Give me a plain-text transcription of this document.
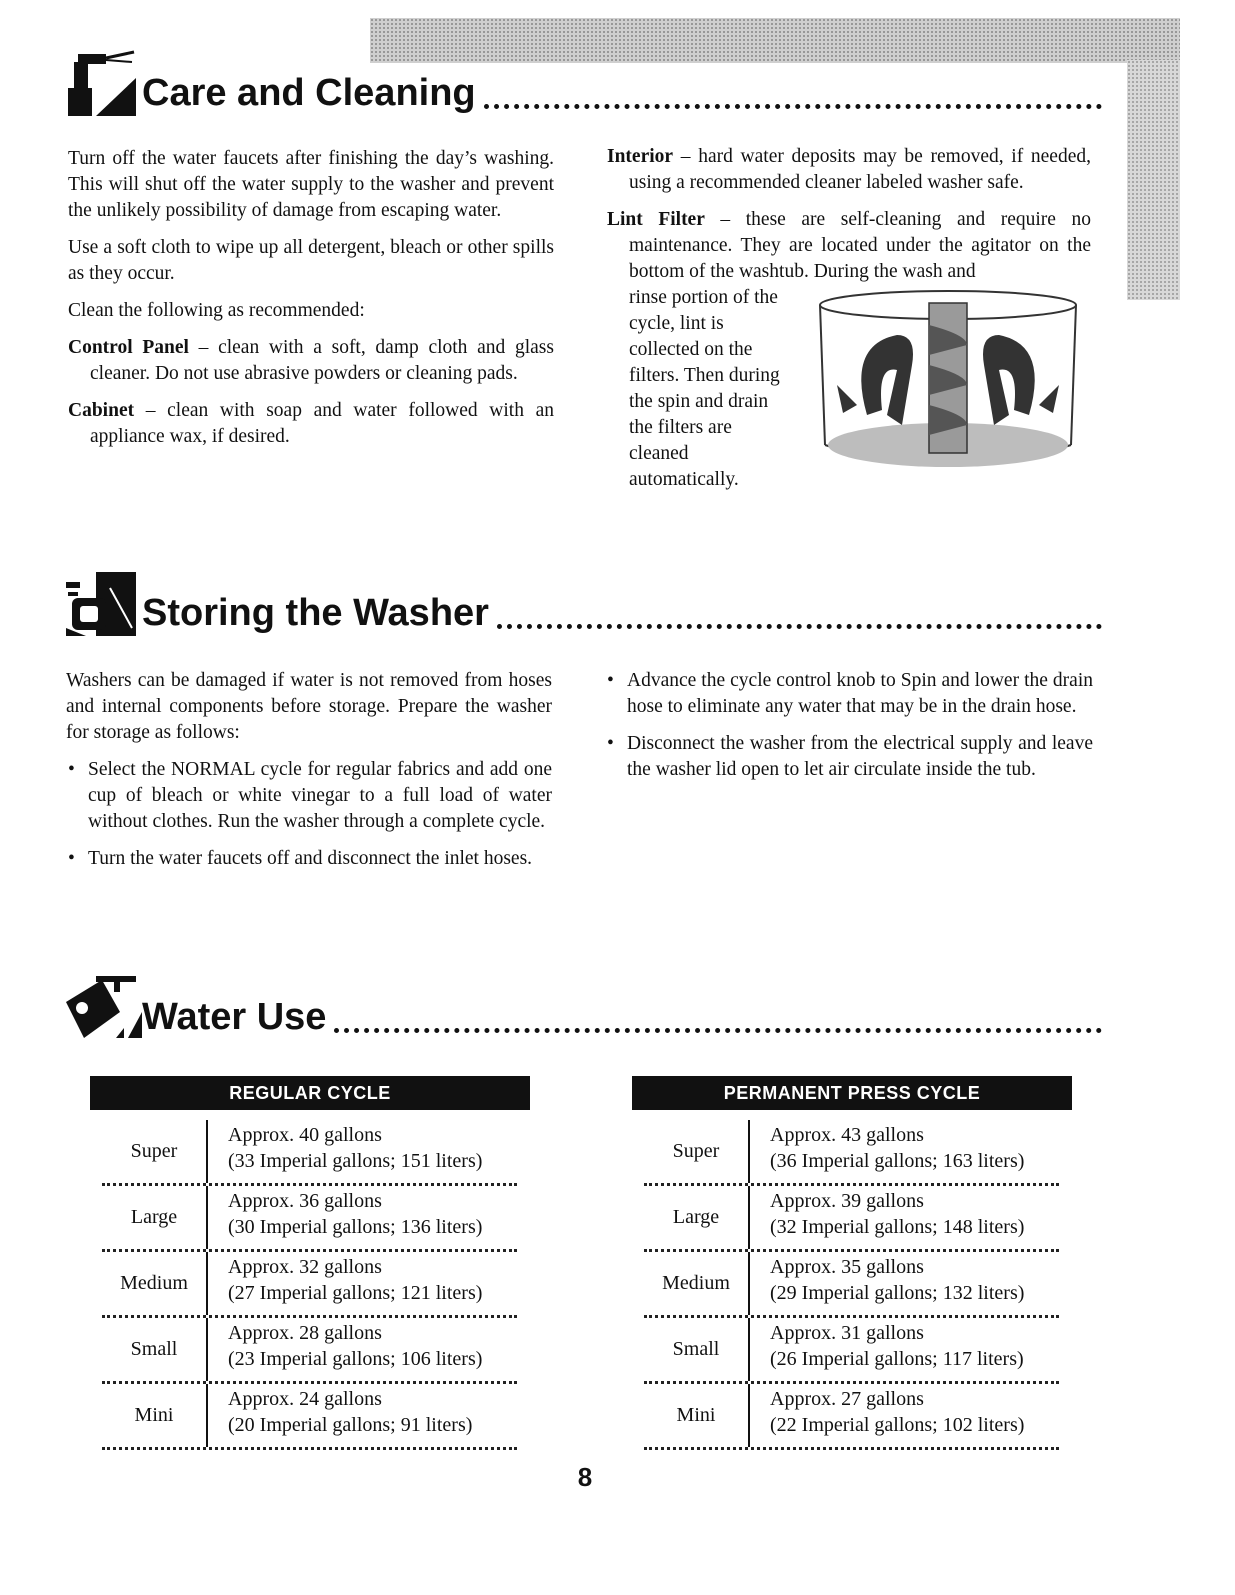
Care and Cleaning

Turn off the water faucets after finishing the day’s washing. This will shut off the water supply to the washer and prevent the unlikely possibility of damage from escaping water.

Use a soft cloth to wipe up all detergent, bleach or other spills as they occur.

Clean the following as recommended:

Control Panel – clean with a soft, damp cloth and glass cleaner. Do not use abrasive powders or cleaning pads.

Cabinet – clean with soap and water followed with an appliance wax, if desired.

Interior – hard water deposits may be removed, if needed, using a recommended cleaner labeled washer safe.

Lint Filter – these are self-cleaning and require no maintenance. They are located under the agitator on the bottom of the washtub. During the wash and

rinse portion of the cycle, lint is collected on the filters. Then during the spin and drain the filters are cleaned automatically.

Storing the Washer

Washers can be damaged if water is not removed from hoses and internal components before storage. Prepare the washer for storage as follows:

• Select the NORMAL cycle for regular fabrics and add one cup of bleach or white vinegar to a full load of water without clothes. Run the washer through a complete cycle.
• Turn the water faucets off and disconnect the inlet hoses.
• Advance the cycle control knob to Spin and lower the drain hose to eliminate any water that may be in the drain hose.
• Disconnect the washer from the electrical supply and leave the washer lid open to let air circulate inside the tub.
Water Use
REGULAR CYCLE
Super
Approx. 40 gallons
(33 Imperial gallons; 151 liters)
Large
Approx. 36 gallons
(30 Imperial gallons; 136 liters)
Medium
Approx. 32 gallons
(27 Imperial gallons; 121 liters)
Small
Approx. 28 gallons
(23 Imperial gallons; 106 liters)
Mini
Approx. 24 gallons
(20 Imperial gallons; 91 liters)
PERMANENT PRESS CYCLE
Super
Approx. 43 gallons
(36 Imperial gallons; 163 liters)
Large
Approx. 39 gallons
(32 Imperial gallons; 148 liters)
Medium
Approx. 35 gallons
(29 Imperial gallons; 132 liters)
Small
Approx. 31 gallons
(26 Imperial gallons; 117 liters)
Mini
Approx. 27 gallons
(22 Imperial gallons; 102 liters)
8
